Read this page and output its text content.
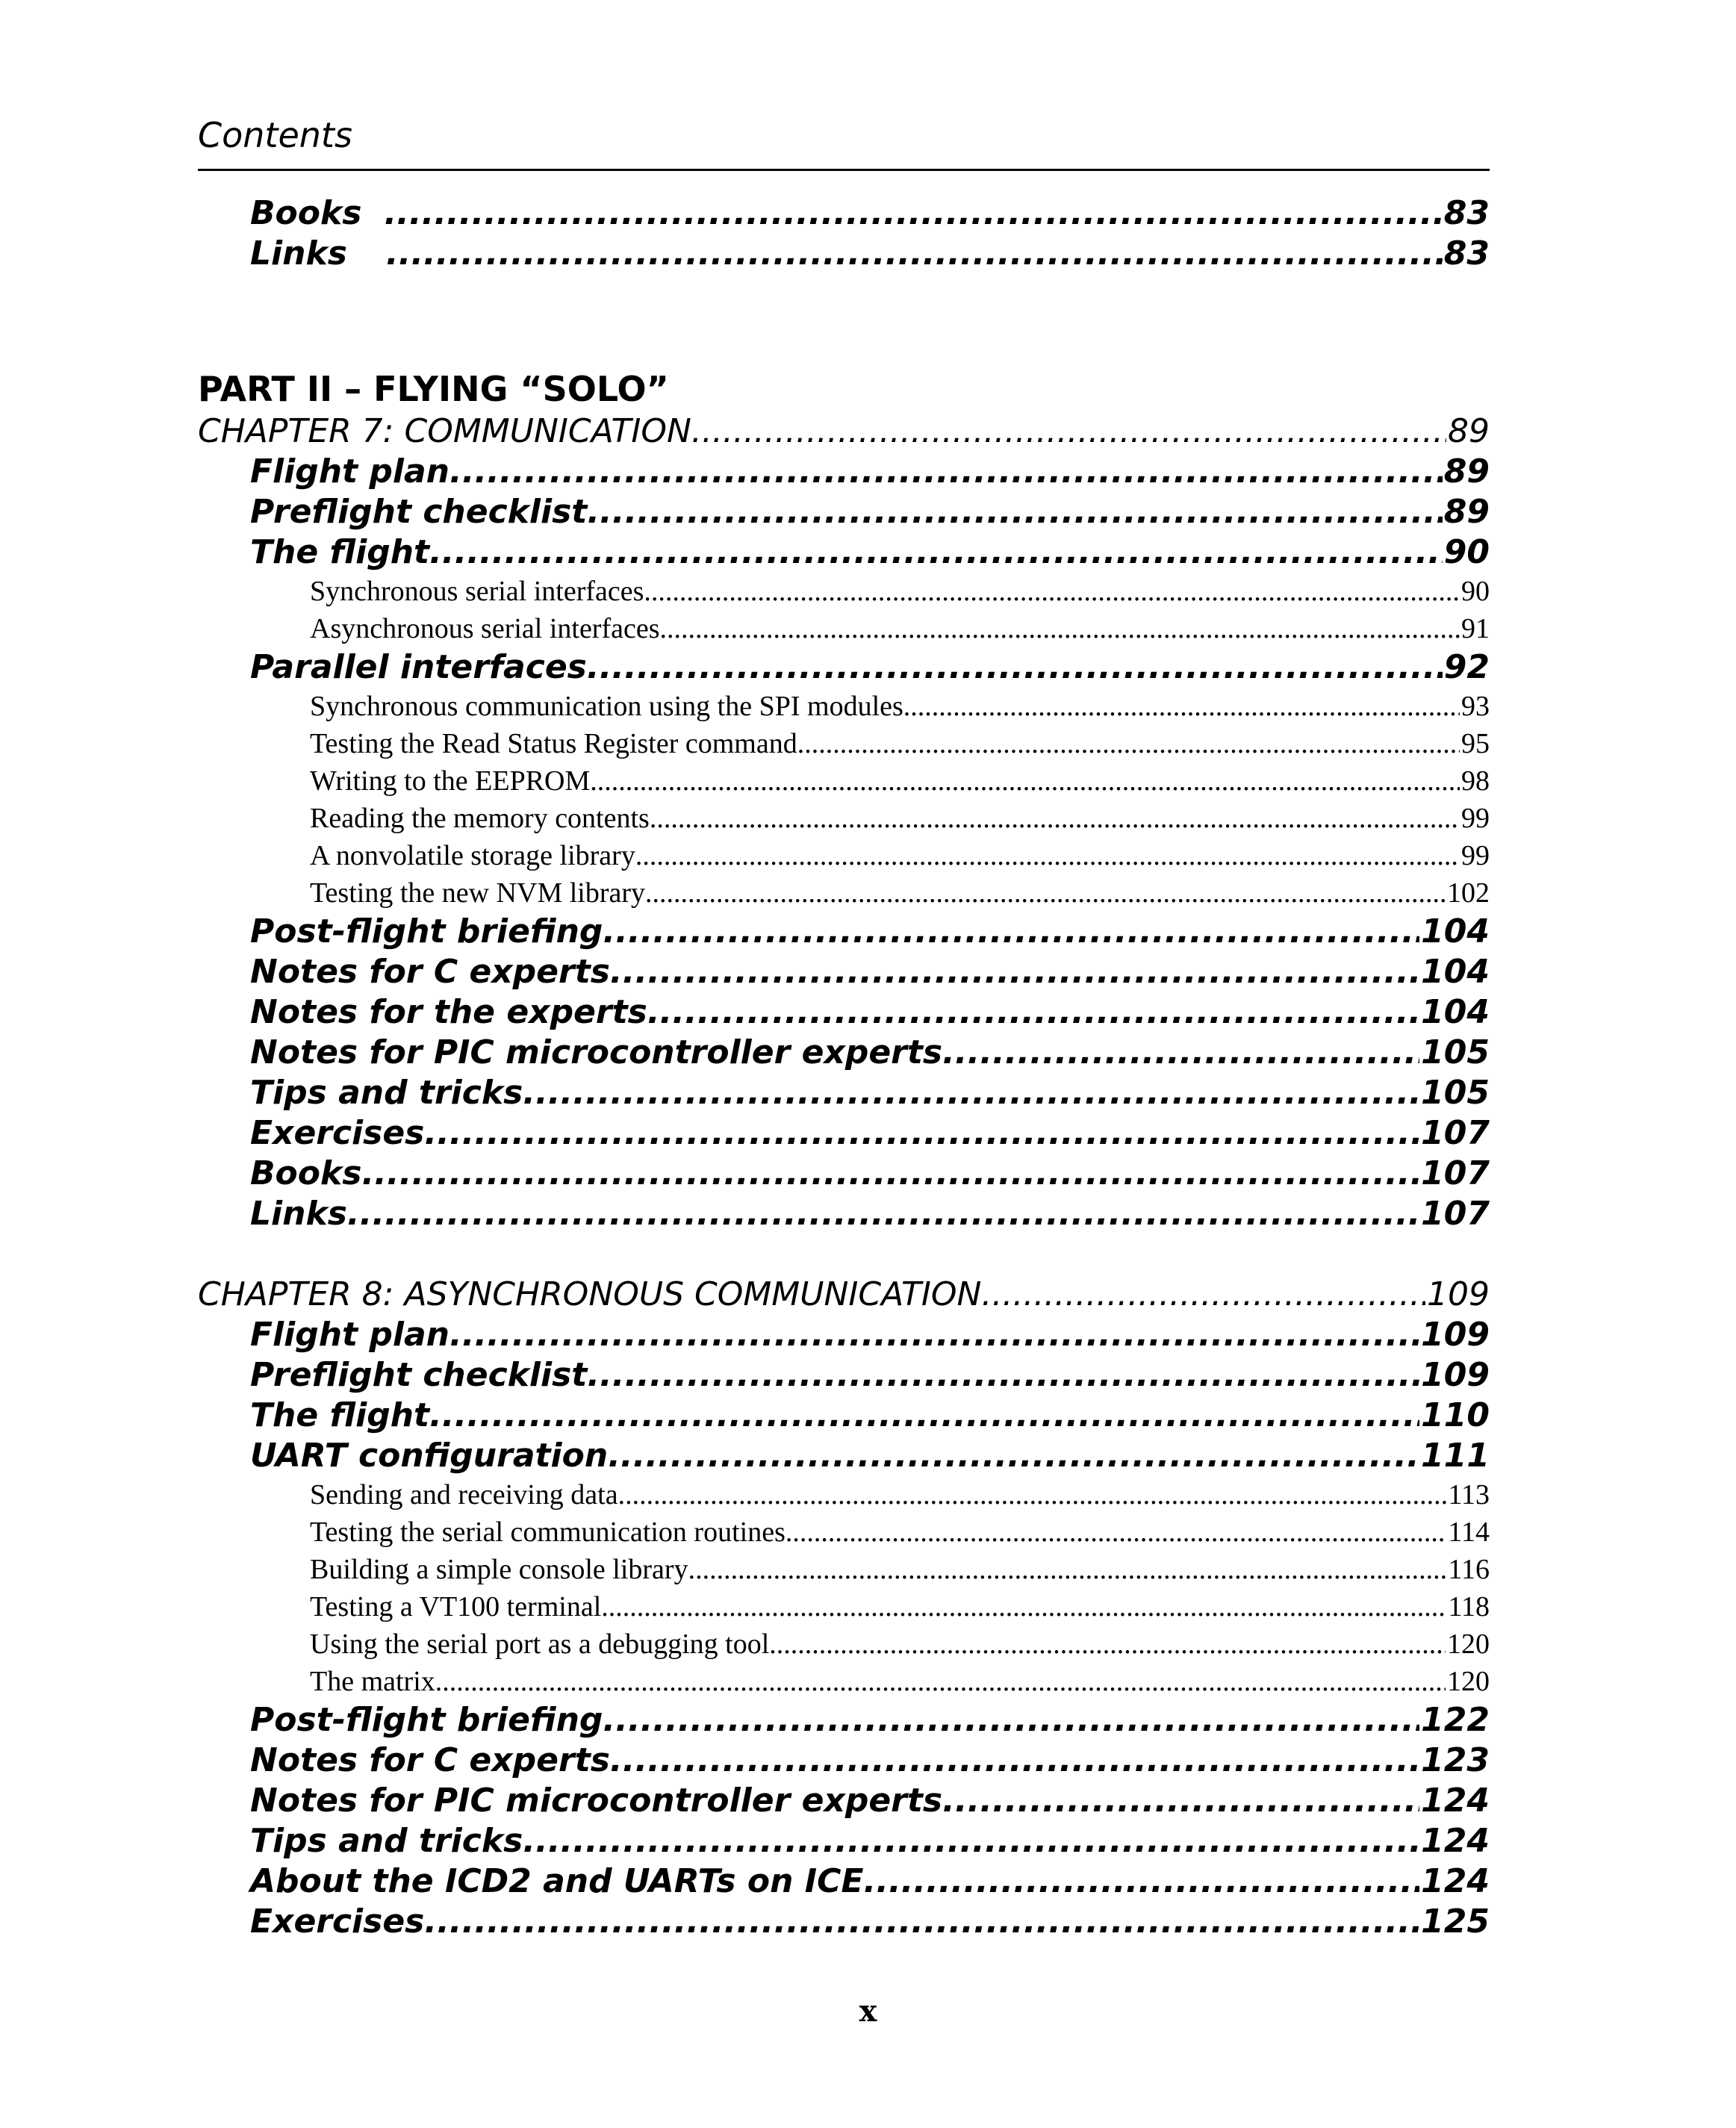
Contents
Books .....	83
Links .....	83
PART II – FLYING “SOLO”
CHAPTER 7: COMMUNICATION .....	89
Flight plan .....	89
Preflight checklist .....	89
The flight .....	90
Synchronous serial interfaces .....	90
Asynchronous serial interfaces .....	91
Parallel interfaces .....	92
Synchronous communication using the SPI modules .....	93
Testing the Read Status Register command .....	95
Writing to the EEPROM .....	98
Reading the memory contents .....	99
A nonvolatile storage library .....	99
Testing the new NVM library .....	102
Post-flight briefing .....	104
Notes for C experts .....	104
Notes for the experts .....	104
Notes for PIC microcontroller experts .....	105
Tips and tricks .....	105
Exercises .....	107
Books .....	107
Links .....	107
CHAPTER 8: ASYNCHRONOUS COMMUNICATION .....	109
Flight plan .....	109
Preflight checklist .....	109
The flight .....	110
UART configuration .....	111
Sending and receiving data .....	113
Testing the serial communication routines .....	114
Building a simple console library .....	116
Testing a VT100 terminal .....	118
Using the serial port as a debugging tool .....	120
The matrix .....	120
Post-flight briefing .....	122
Notes for C experts .....	123
Notes for PIC microcontroller experts .....	124
Tips and tricks .....	124
About the ICD2 and UARTs on ICE .....	124
Exercises .....	125
x
